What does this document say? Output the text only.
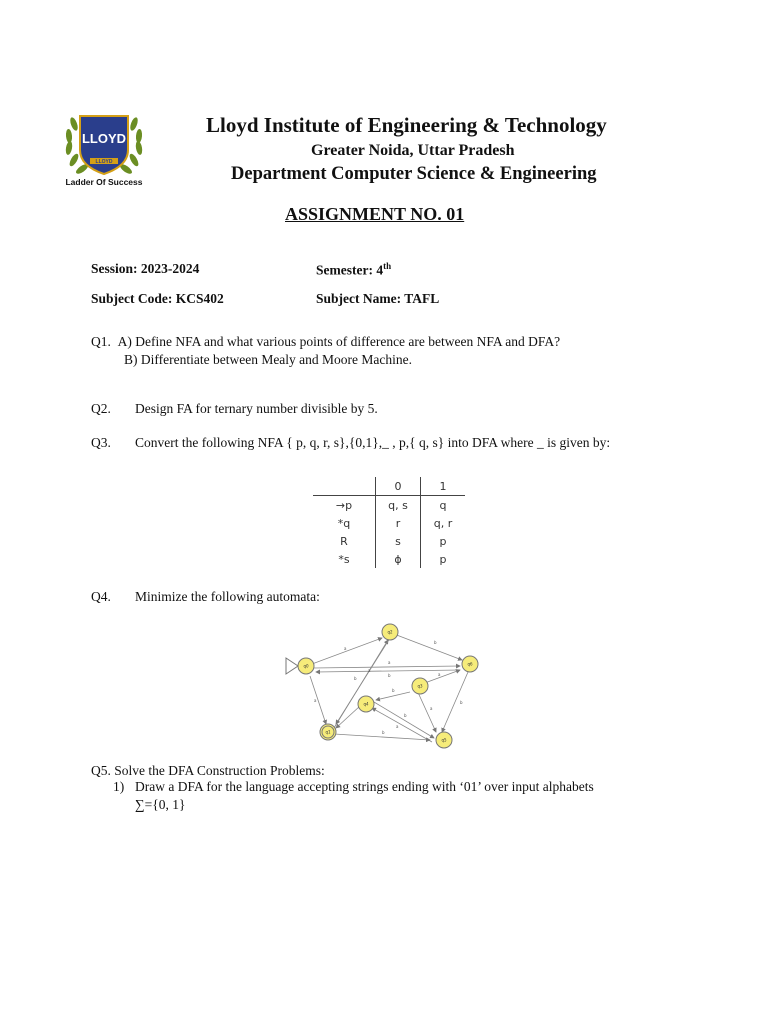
LLOYD
LLOYD
Ladder Of Success
Lloyd Institute of Engineering & Technology
Greater Noida, Uttar Pradesh
Department Computer Science & Engineering
ASSIGNMENT NO. 01
Session: 2023-2024	Semester: 4th
Subject Code: KCS402	Subject Name: TAFL
Q1.  A) Define NFA and what various points of difference are between NFA and DFA?
B) Differentiate between Mealy and Moore Machine.
Q2. Design FA for ternary number divisible by 5.
Q3. Convert the following NFA { p, q, r, s},{0,1},_ , p,{ q, s} into DFA where _ is given by:
	0	1
→p	q, s	q
*q	r	q, r
R	s	p
*s	ϕ	p
Q4. Minimize the following automata:
q0
q1
q2
q3
q4
q5
q6
a
b
a
b
a
b
a
b
a
b
a
b
a
b
Q5. Solve the DFA Construction Problems:
1) Draw a DFA for the language accepting strings ending with ‘01’ over input alphabets
∑={0, 1}
